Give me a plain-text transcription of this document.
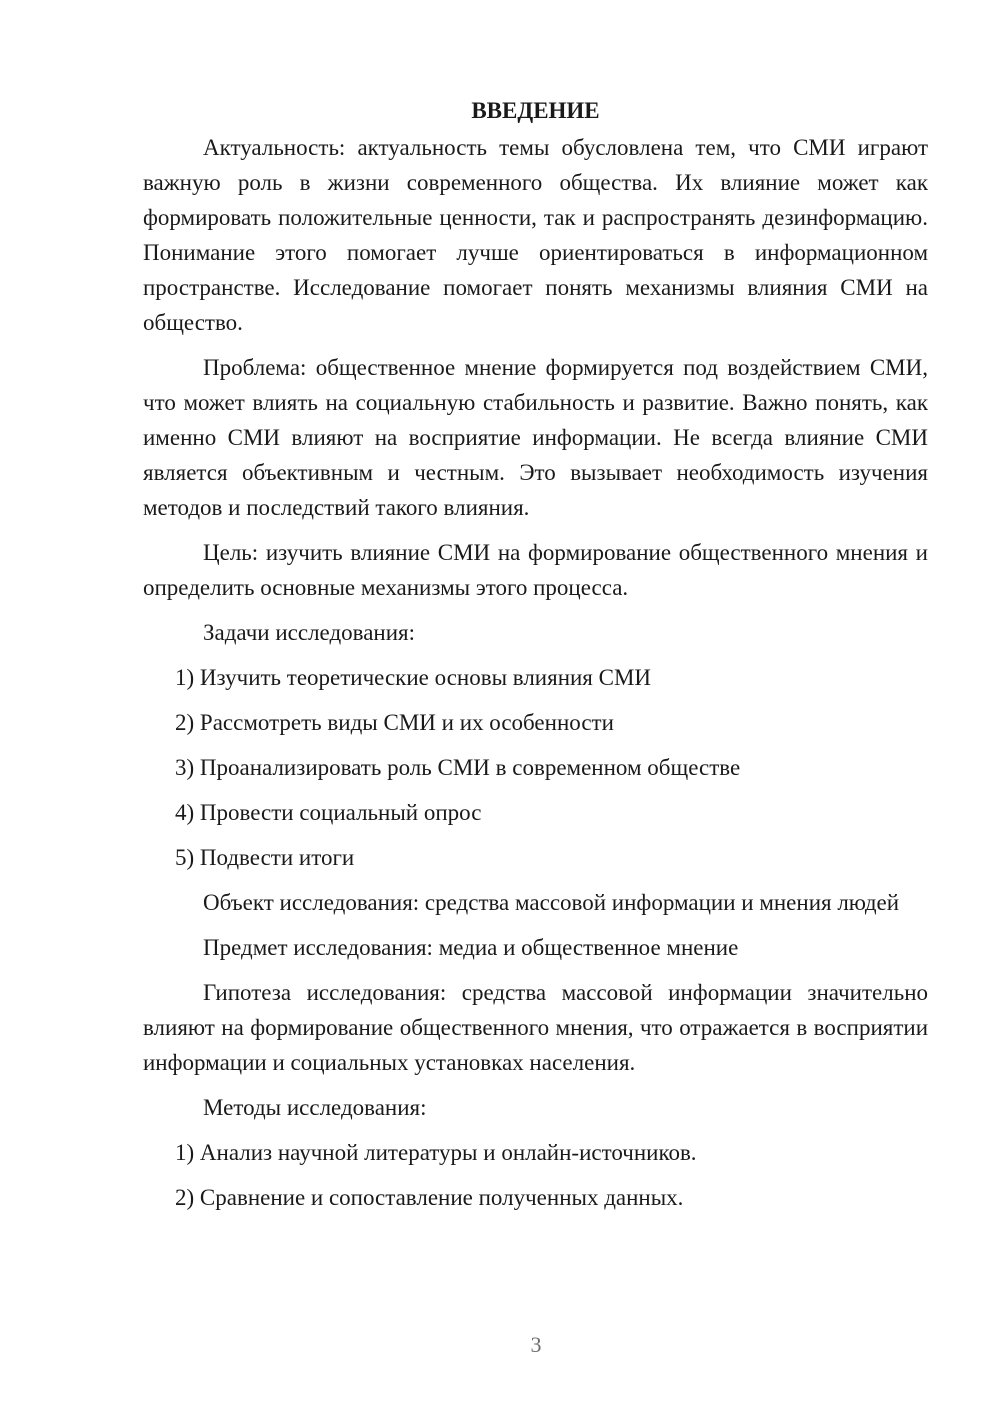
ВВЕДЕНИЕ

Актуальность: актуальность темы обусловлена тем, что СМИ играют важную роль в жизни современного общества. Их влияние может как формировать положительные ценности, так и распространять дезинформацию. Понимание этого помогает лучше ориентироваться в информационном пространстве. Исследование помогает понять механизмы влияния СМИ на общество.

Проблема: общественное мнение формируется под воздействием СМИ, что может влиять на социальную стабильность и развитие. Важно понять, как именно СМИ влияют на восприятие информации. Не всегда влияние СМИ является объективным и честным. Это вызывает необходимость изучения методов и последствий такого влияния.

Цель: изучить влияние СМИ на формирование общественного мнения и определить основные механизмы этого процесса.

Задачи исследования:

1) Изучить теоретические основы влияния СМИ
2) Рассмотреть виды СМИ и их особенности
3) Проанализировать роль СМИ в современном обществе
4) Провести социальный опрос
5) Подвести итоги

Объект исследования: средства массовой информации и мнения людей

Предмет исследования: медиа и общественное мнение

Гипотеза исследования: средства массовой информации значительно влияют на формирование общественного мнения, что отражается в восприятии информации и социальных установках населения.

Методы исследования:

1) Анализ научной литературы и онлайн-источников.
2) Сравнение и сопоставление полученных данных.
3
